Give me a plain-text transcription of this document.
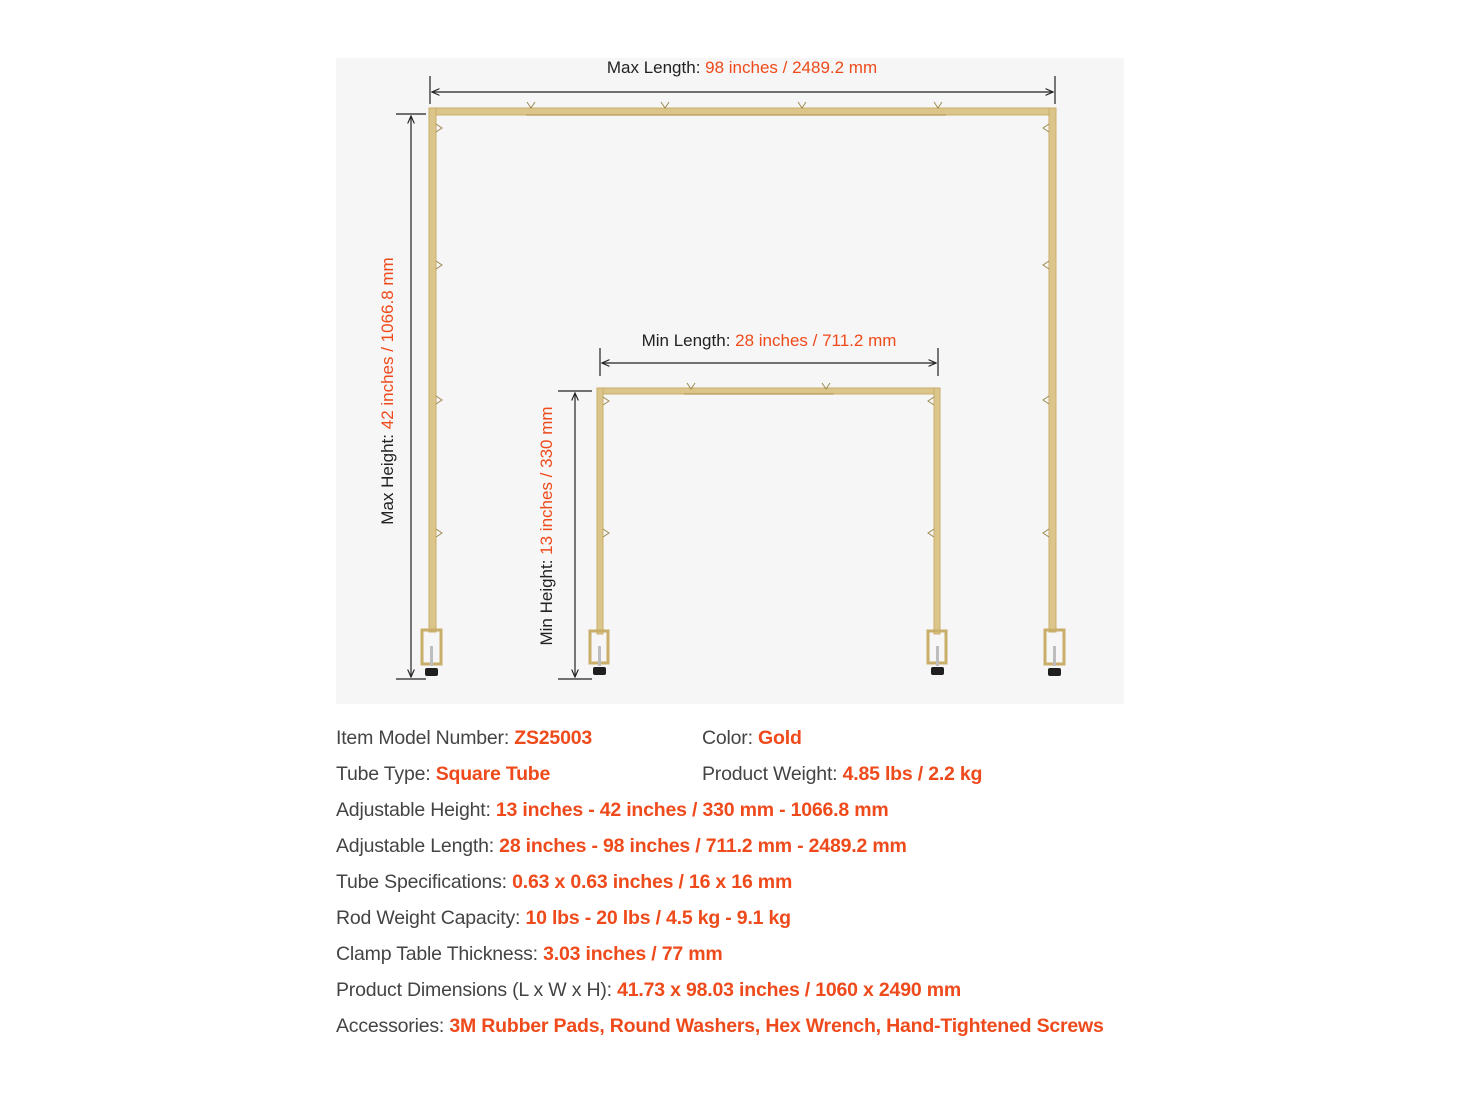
Max Length: 98 inches / 2489.2 mm
Max Height: 42 inches / 1066.8 mm	Min Length: 28 inches / 711.2 mm
Min Height: 13 inches / 330 mm
Item Model Number: ZS25003	Color: Gold
Tube Type: Square Tube	Product Weight: 4.85 lbs / 2.2 kg
Adjustable Height: 13 inches - 42 inches / 330 mm - 1066.8 mm
Adjustable Length: 28 inches - 98 inches / 711.2 mm - 2489.2 mm
Tube Specifications: 0.63 x 0.63 inches / 16 x 16 mm
Rod Weight Capacity: 10 lbs - 20 lbs / 4.5 kg - 9.1 kg
Clamp Table Thickness: 3.03 inches / 77 mm
Product Dimensions (L x W x H): 41.73 x 98.03 inches / 1060 x 2490 mm
Accessories: 3M Rubber Pads, Round Washers, Hex Wrench, Hand-Tightened Screws
